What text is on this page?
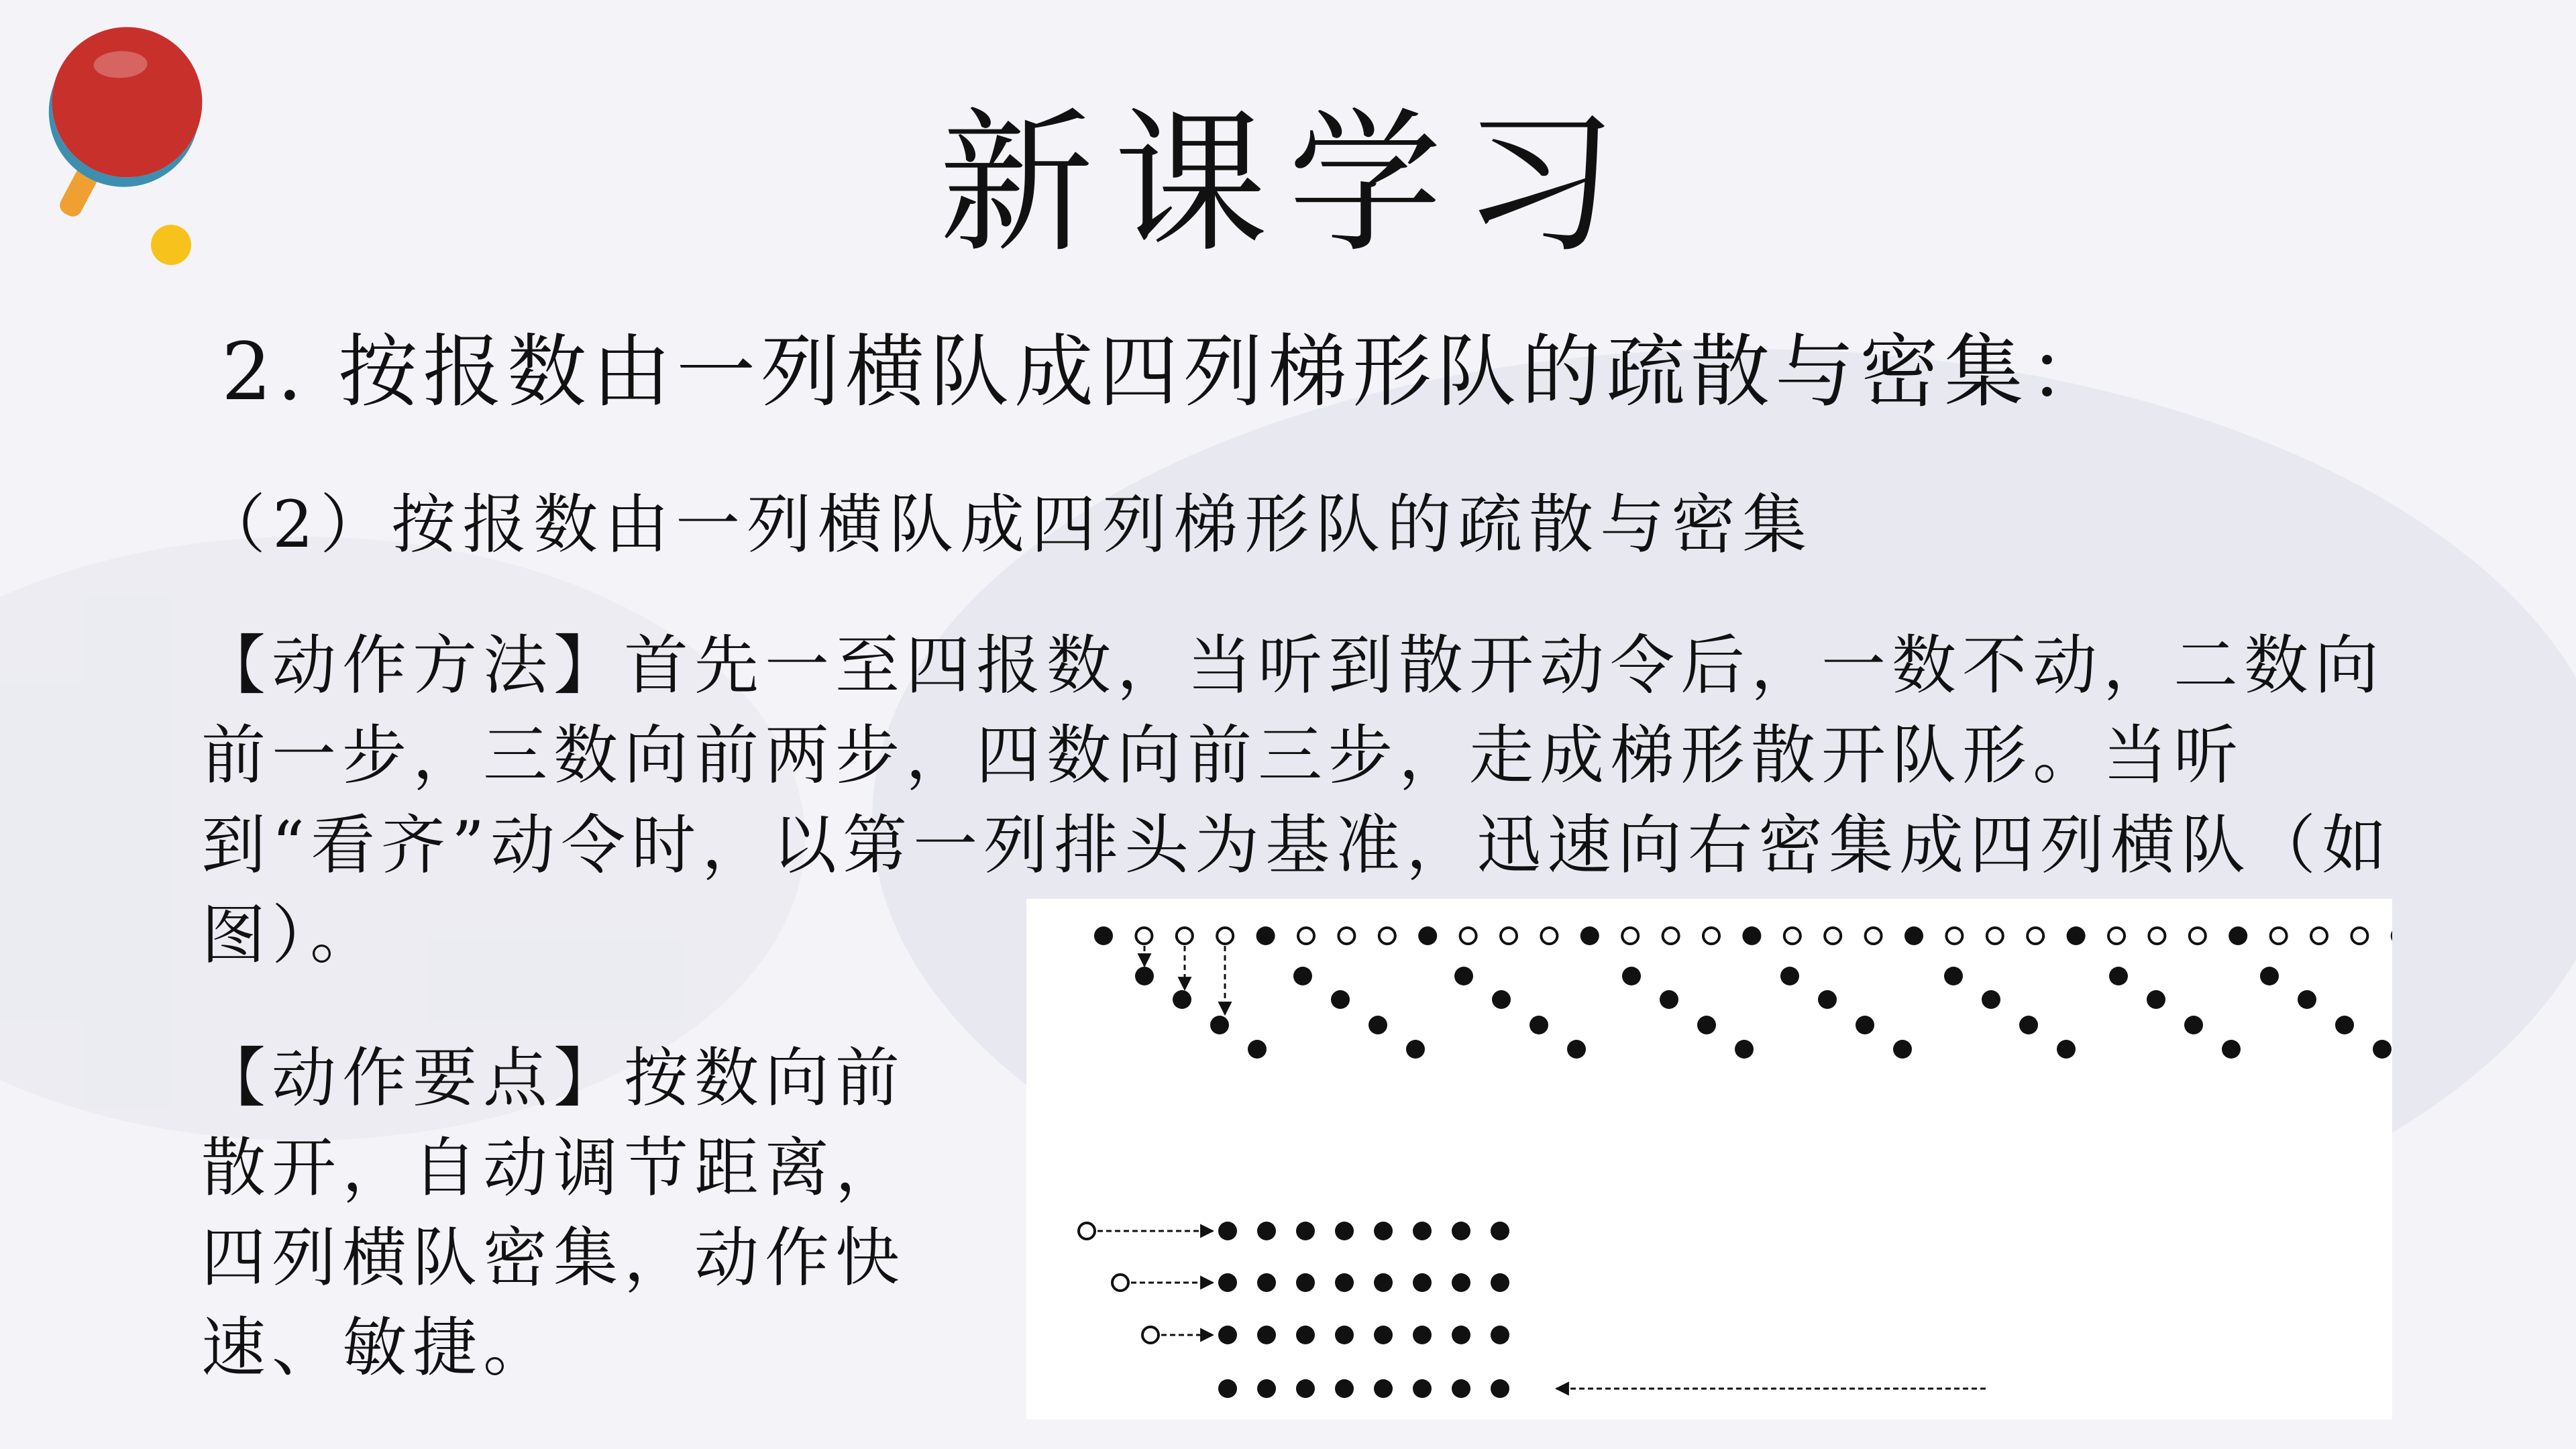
新课学习
2. 按报数由一列横队成四列梯形队的疏散与密集：
（2）按报数由一列横队成四列梯形队的疏散与密集
【动作方法】首先一至四报数，当听到散开动令后，一数不动，二数向前一步，三数向前两步，四数向前三步，走成梯形散开队形。当听到“看齐”动令时，以第一列排头为基准，迅速向右密集成四列横队（如图）。
【动作要点】按数向前散开，自动调节距离，四列横队密集，动作快速、敏捷。
